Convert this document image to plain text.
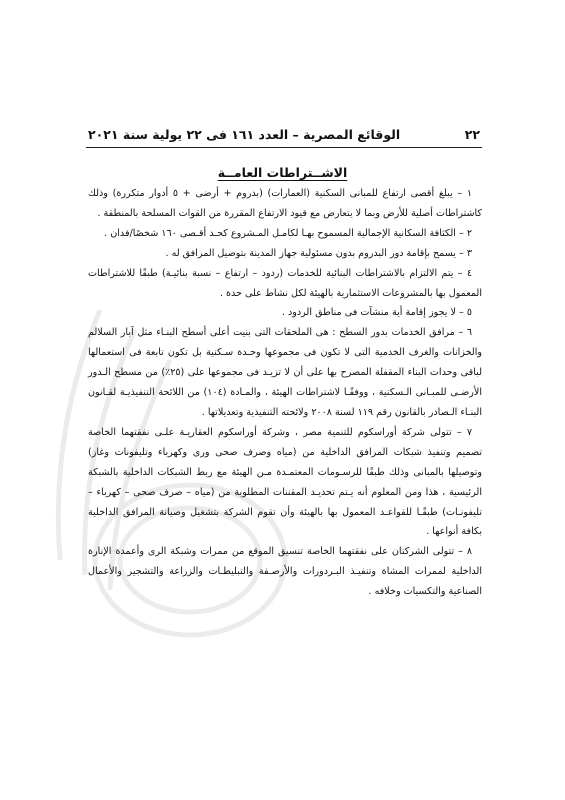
٢٢
الوقائع المصرية – العدد ١٦١ فى ٢٢ يولية سنة ٢٠٢١
الاشــتراطات العامــة

١ – يبلغ أقصى ارتفاع للمبانى السكنية (العمارات) (بدروم + أرضى + ٥ أدوار متكررة) وذلك كاشتراطات أصلية للأرض وبما لا يتعارض مع قيود الارتفاع المقررة من القوات المسلحة بالمنطقة .

٢ – الكثافة السكانية الإجمالية المسموح بهـا لكامـل المـشروع كحـد أقـصى ١٦٠ شخصًا/فدان .

٣ – يسمح بإقامة دور البدروم بدون مسئولية جهاز المدينة بتوصيل المرافق له .

٤ – يتم الالتزام بالاشتراطات البنائية للخدمات (ردود – ارتفاع – نسبة بنائيـة) طبقًا للاشتراطات المعمول بها بالمشروعات الاستثمارية بالهيئة لكل نشاط على حدة .

٥ – لا يجوز إقامة أية منشآت فى مناطق الردود .

٦ – مرافق الخدمات بدور السطح : هى الملحقات التى بنيت أعلى أسطح البنـاء مثل آبار السلالم والخزانات والغرف الخدمية التى لا تكون فى مجموعها وحـدة سـكنية بل تكون تابعة فى استعمالها لباقى وحدات البناء المقفلة المصرح بها على أن لا تزيـد فى مجموعها على (٢٥٪) من مسطح الـدور الأرضـى للمبـانى الـسكنية ، ووفقًـا لاشتراطات الهيئة ، والمـادة (١٠٤) من اللائحة التنفيذيـة لقـانون البنـاء الـصادر بالقانون رقم ١١٩ لسنة ٢٠٠٨ ولائحته التنفيذية وتعديلاتها .

٧ – تتولى شركة أوراسكوم للتنمية مصر ، وشركة أوراسكوم العقاريـة علـى نفقتهما الخاصة تصميم وتنفيذ شبكات المرافق الداخلية من (مياه وصرف صحى ورى وكهرباء وتليفونات وغاز) وتوصيلها بالمبانى وذلك طبقًا للرسـومات المعتمـدة مـن الهيئة مع ربط الشبكات الداخلية بالشبكة الرئيسية ، هذا ومن المعلوم أنه يـتم تحديـد المقننات المطلوبة من (مياه – صرف صحى – كهرباء – تليفونـات) طبقًـا للقواعـد المعمول بها بالهيئة وأن تقوم الشركة بتشغيل وصيانة المرافق الداخلية بكافة أنواعها .

٨ – تتولى الشركتان على نفقتهما الخاصة تنسيق الموقع من ممرات وشبكة الرى وأعمدة الإنارة الداخلية لممرات المشاة وتنفيـذ البـردورات والأرصـفة والتبليطـات والزراعة والتشجير والأعمال الصناعية والتكسيات وخلافه .
